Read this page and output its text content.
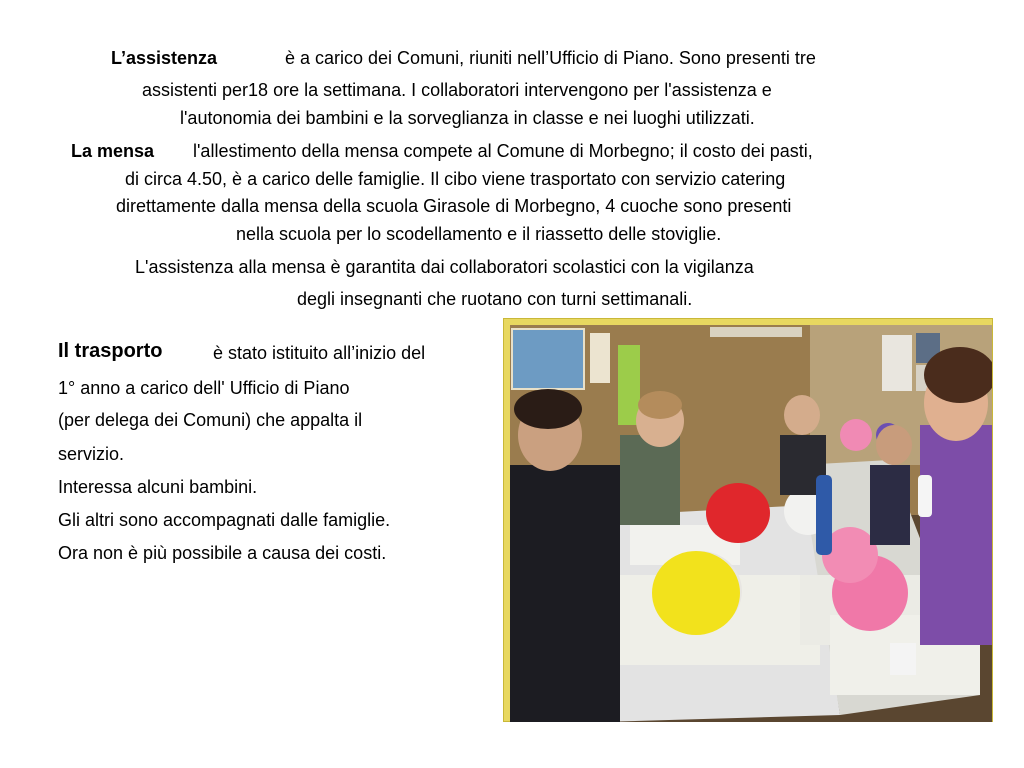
L’assistenza	è a carico dei Comuni, riuniti nell’Ufficio di Piano. Sono presenti tre
assistenti per18 ore la settimana. I collaboratori intervengono per l'assistenza e
l'autonomia dei bambini e la sorveglianza in classe e nei luoghi utilizzati.
La mensa l'allestimento della mensa compete al Comune di Morbegno; il costo dei pasti,
di circa 4.50, è a carico delle famiglie. Il cibo viene trasportato con servizio catering
direttamente dalla mensa della scuola Girasole di Morbegno, 4 cuoche sono presenti
nella scuola per lo scodellamento e il riassetto delle stoviglie.
L'assistenza alla mensa è garantita dai collaboratori scolastici con la vigilanza
degli insegnanti che ruotano con turni settimanali.
Il trasporto	è stato istituito all’inizio del
1° anno a carico dell' Ufficio di Piano
(per delega dei Comuni) che appalta il
servizio.
Interessa alcuni bambini.
Gli altri sono accompagnati dalle famiglie.
Ora non è più possibile a causa dei costi.
